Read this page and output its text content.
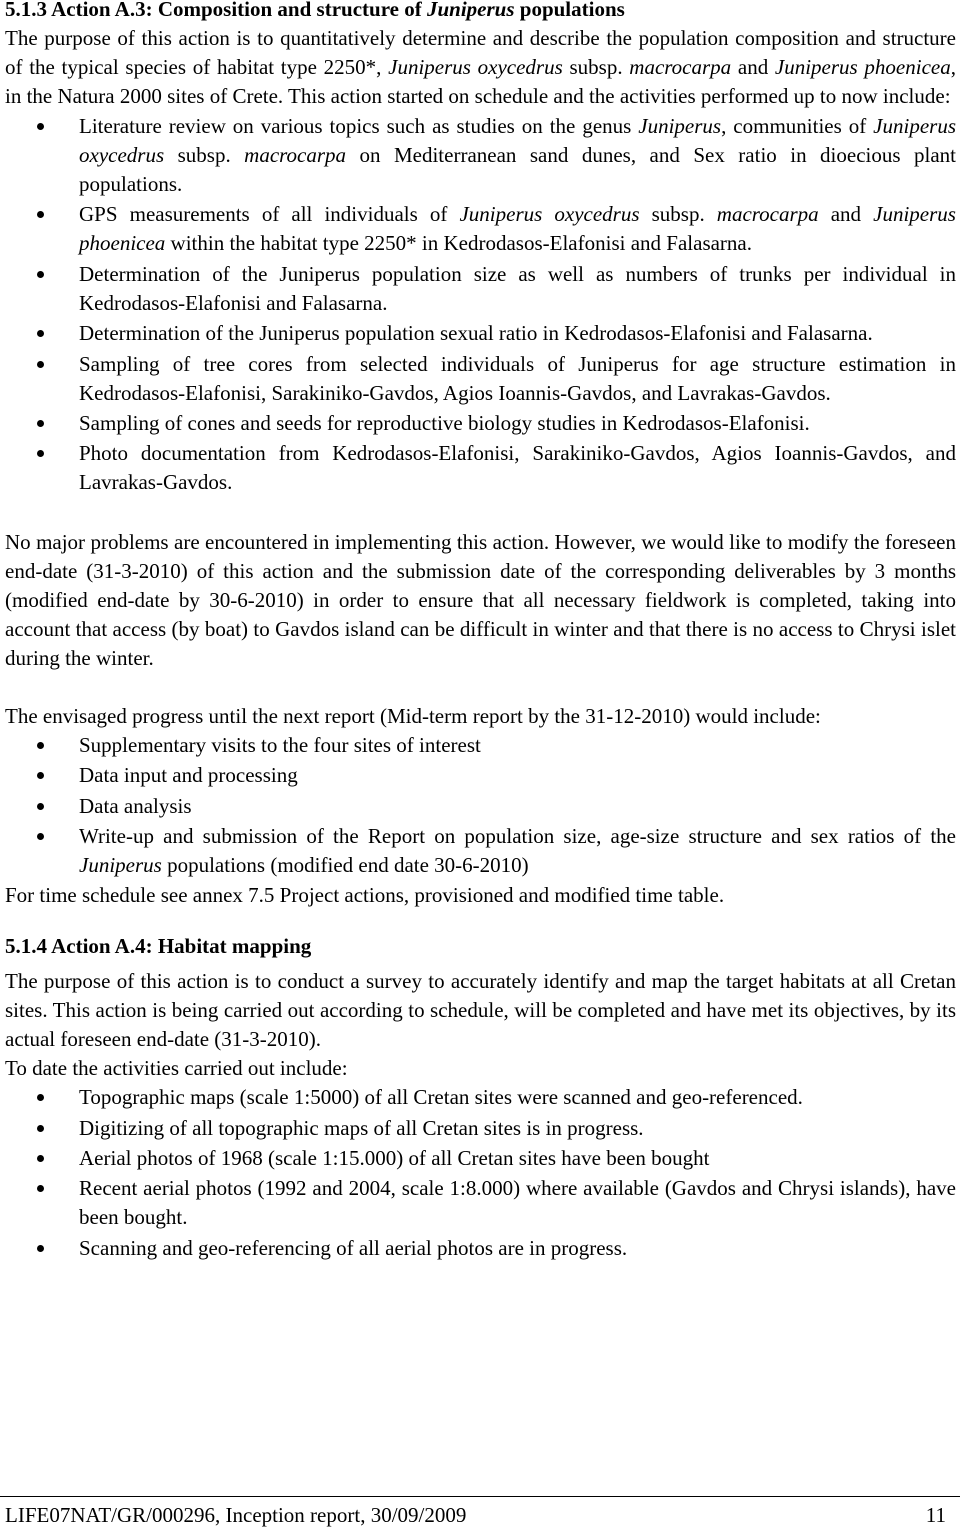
5.1.3 Action A.3: Composition and structure of Juniperus populations

The purpose of this action is to quantitatively determine and describe the population composition and structure of the typical species of habitat type 2250*, Juniperus oxycedrus subsp. macrocarpa and Juniperus phoenicea, in the Natura 2000 sites of Crete. This action started on schedule and the activities performed up to now include:

Literature review on various topics such as studies on the genus Juniperus, communities of Juniperus oxycedrus subsp. macrocarpa on Mediterranean sand dunes, and Sex ratio in dioecious plant populations.
GPS measurements of all individuals of Juniperus oxycedrus subsp. macrocarpa and Juniperus phoenicea within the habitat type 2250* in Kedrodasos-Elafonisi and Falasarna.
Determination of the Juniperus population size as well as numbers of trunks per individual in Kedrodasos-Elafonisi and Falasarna.
Determination of the Juniperus population sexual ratio in Kedrodasos-Elafonisi and Falasarna.
Sampling of tree cores from selected individuals of Juniperus for age structure estimation in Kedrodasos-Elafonisi, Sarakiniko-Gavdos, Agios Ioannis-Gavdos, and Lavrakas-Gavdos.
Sampling of cones and seeds for reproductive biology studies in Kedrodasos-Elafonisi.
Photo documentation from Kedrodasos-Elafonisi, Sarakiniko-Gavdos, Agios Ioannis-Gavdos, and Lavrakas-Gavdos.

No major problems are encountered in implementing this action. However, we would like to modify the foreseen end-date (31-3-2010) of this action and the submission date of the corresponding deliverables by 3 months (modified end-date by 30-6-2010) in order to ensure that all necessary fieldwork is completed, taking into account that access (by boat) to Gavdos island can be difficult in winter and that there is no access to Chrysi islet during the winter.

The envisaged progress until the next report (Mid-term report by the 31-12-2010) would include:

Supplementary visits to the four sites of interest
Data input and processing
Data analysis
Write-up and submission of the Report on population size, age-size structure and sex ratios of the Juniperus populations (modified end date 30-6-2010)

For time schedule see annex 7.5 Project actions, provisioned and modified time table.

5.1.4 Action A.4: Habitat mapping

The purpose of this action is to conduct a survey to accurately identify and map the target habitats at all Cretan sites. This action is being carried out according to schedule, will be completed and have met its objectives, by its actual foreseen end-date (31-3-2010).

To date the activities carried out include:

Topographic maps (scale 1:5000) of all Cretan sites were scanned and geo-referenced.
Digitizing of all topographic maps of all Cretan sites is in progress.
Aerial photos of 1968 (scale 1:15.000) of all Cretan sites have been bought
Recent aerial photos (1992 and 2004, scale 1:8.000) where available (Gavdos and Chrysi islands), have been bought.
Scanning and geo-referencing of all aerial photos are in progress.
LIFE07NAT/GR/000296, Inception report, 30/09/2009	11
